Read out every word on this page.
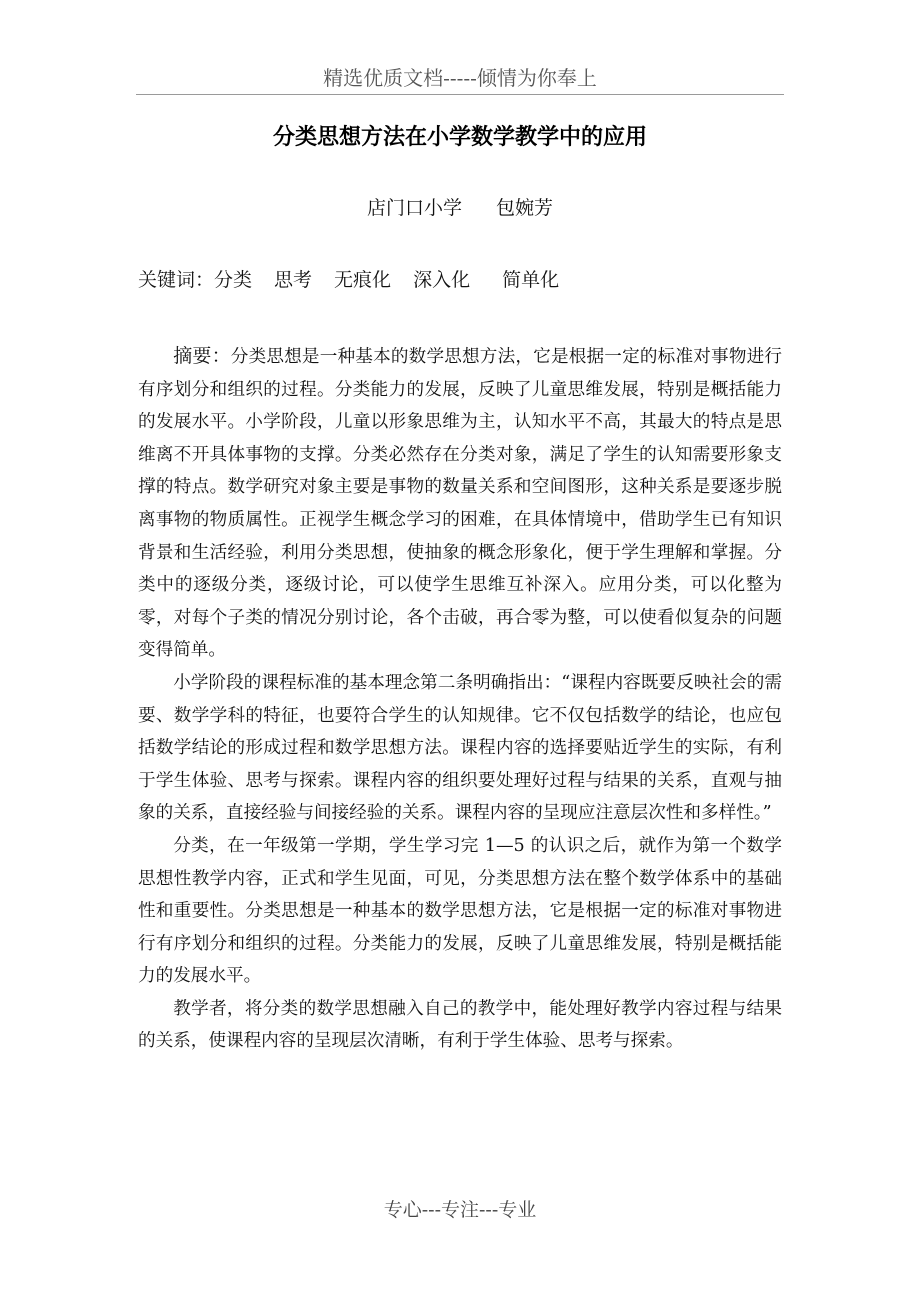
精选优质文档-----倾情为你奉上
分类思想方法在小学数学教学中的应用
店门口小学 包婉芳
关键词：分类 思考 无痕化 深入化 简单化

摘要：分类思想是一种基本的数学思想方法，它是根据一定的标准对事物进行有序划分和组织的过程。分类能力的发展，反映了儿童思维发展，特别是概括能力的发展水平。小学阶段，儿童以形象思维为主，认知水平不高，其最大的特点是思维离不开具体事物的支撑。分类必然存在分类对象，满足了学生的认知需要形象支撑的特点。数学研究对象主要是事物的数量关系和空间图形，这种关系是要逐步脱离事物的物质属性。正视学生概念学习的困难，在具体情境中，借助学生已有知识背景和生活经验，利用分类思想，使抽象的概念形象化，便于学生理解和掌握。分类中的逐级分类，逐级讨论，可以使学生思维互补深入。应用分类，可以化整为零，对每个子类的情况分别讨论，各个击破，再合零为整，可以使看似复杂的问题变得简单。

小学阶段的课程标准的基本理念第二条明确指出：“课程内容既要反映社会的需要、数学学科的特征，也要符合学生的认知规律。它不仅包括数学的结论，也应包括数学结论的形成过程和数学思想方法。课程内容的选择要贴近学生的实际，有利于学生体验、思考与探索。课程内容的组织要处理好过程与结果的关系，直观与抽象的关系，直接经验与间接经验的关系。课程内容的呈现应注意层次性和多样性。”

分类，在一年级第一学期，学生学习完 1—5 的认识之后，就作为第一个数学思想性教学内容，正式和学生见面，可见，分类思想方法在整个数学体系中的基础性和重要性。分类思想是一种基本的数学思想方法，它是根据一定的标准对事物进行有序划分和组织的过程。分类能力的发展，反映了儿童思维发展，特别是概括能力的发展水平。

教学者，将分类的数学思想融入自己的教学中，能处理好教学内容过程与结果的关系，使课程内容的呈现层次清晰，有利于学生体验、思考与探索。

专心---专注---专业
